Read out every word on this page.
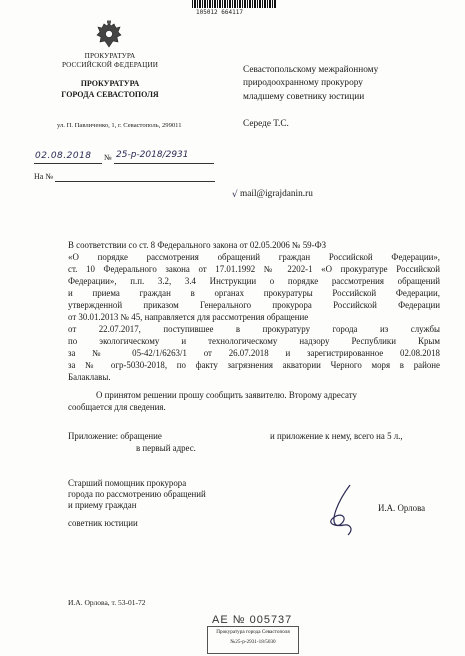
105012 664117
ПРОКУРАТУРА
РОССИЙСКОЙ ФЕДЕРАЦИИ
ПРОКУРАТУРА
ГОРОДА СЕВАСТОПОЛЯ
ул. П. Павличенко, 1, г. Севастополь, 299011
02.08.2018 № 25-р-2018/2931
На №
Севастопольскому межрайонному
природоохранному прокурору
младшему советнику юстиции
Середе Т.С.
√ mail@igrajdanin.ru
В соответствии со ст. 8 Федерального закона от 02.05.2006 № 59-ФЗ
«О порядке рассмотрения обращений граждан Российской Федерации»,
ст. 10 Федерального закона от 17.01.1992 № 2202-1 «О прокуратуре Российской
Федерации», п.п. 3.2, 3.4 Инструкции о порядке рассмотрения обращений
и приема граждан в органах прокуратуры Российской Федерации,
утвержденной приказом Генерального прокурора Российской Федерации
от 30.01.2013 № 45, направляется для рассмотрения обращение
от 22.07.2017, поступившее в прокуратуру города из службы
по экологическому и технологическому надзору Республики Крым
за № 05-42/1/6263/1 от 26.07.2018 и зарегистрированное 02.08.2018
за № огр-5030-2018, по факту загрязнения акватории Черного моря в районе
Балаклавы.
О принятом решении прошу сообщить заявителю. Второму адресату
сообщается для сведения.
Приложение: обращение	и приложение к нему, всего на 5 л.,
в первый адрес.
Старший помощник прокурора
города по рассмотрению обращений
и приему граждан
советник юстиции
И.А. Орлова
И.А. Орлова, т. 53-01-72
АЕ № 005737
Прокуратура города Севастополя
№25-р-2931-18/5030
